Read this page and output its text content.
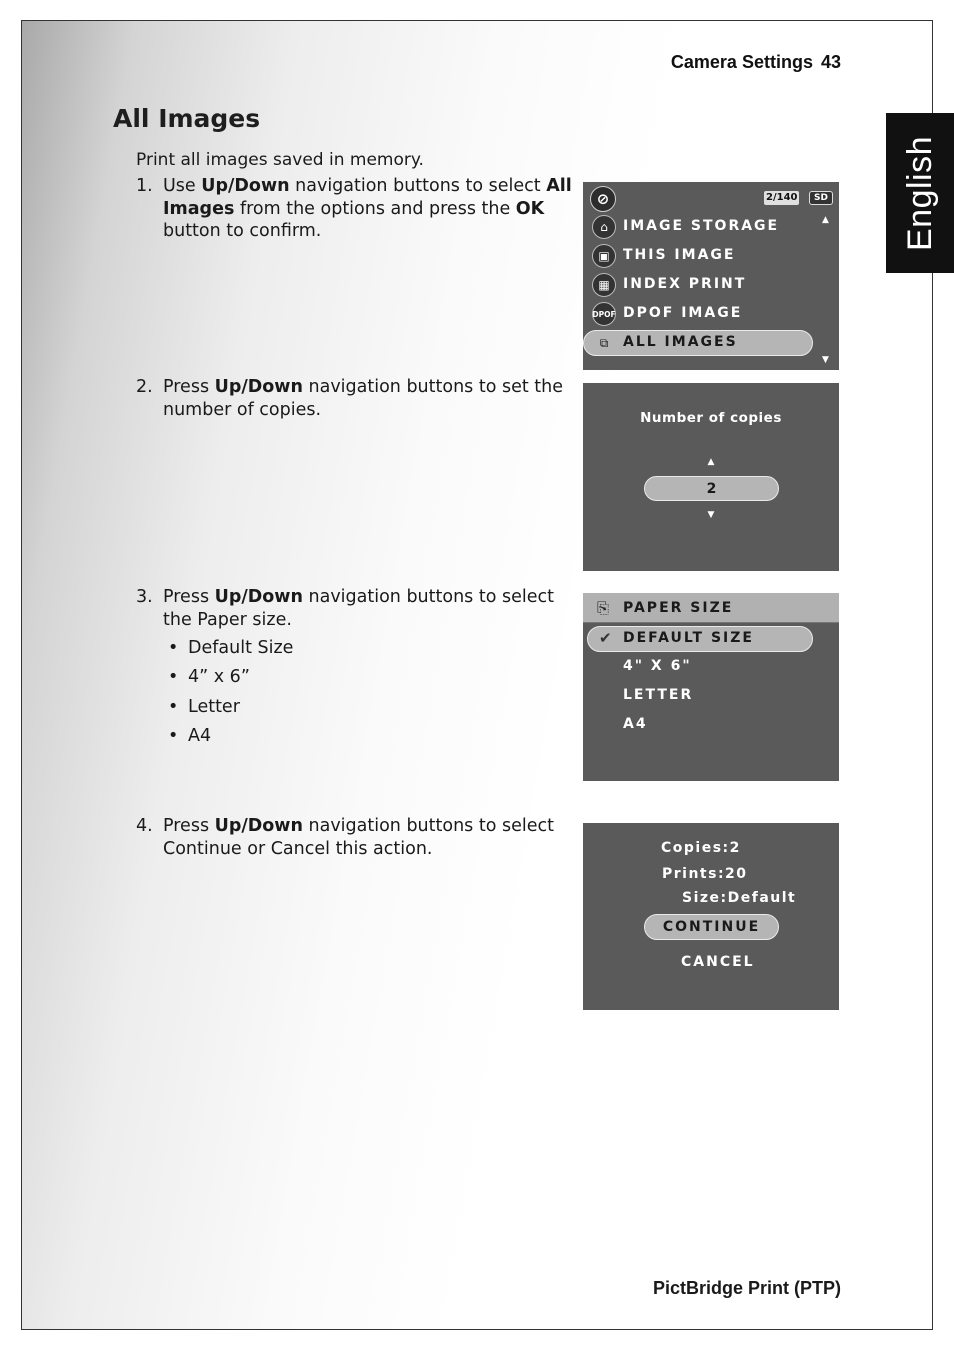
Camera Settings 43
English
All Images

Print all images saved in memory.

1. Use Up/Down navigation buttons to select All Images from the options and press the OK button to confirm.
2. Press Up/Down navigation buttons to set the number of copies.
3. Press Up/Down navigation buttons to select the Paper size.
• Default Size
• 4” x 6”
• Letter
• A4
4. Press Up/Down navigation buttons to select Continue or Cancel this action.
⊘	2/140	SD
▲
▼
⌂	IMAGE STORAGE
▣ THIS IMAGE
▦ INDEX PRINT
DPOF DPOF IMAGE
⧉	ALL IMAGES
Number of copies
▲
2
▼
⎘ PAPER SIZE
✔ DEFAULT SIZE
4" X 6"
LETTER
A4
Copies:2
Prints:20
Size:Default
CONTINUE
CANCEL
PictBridge Print (PTP)
